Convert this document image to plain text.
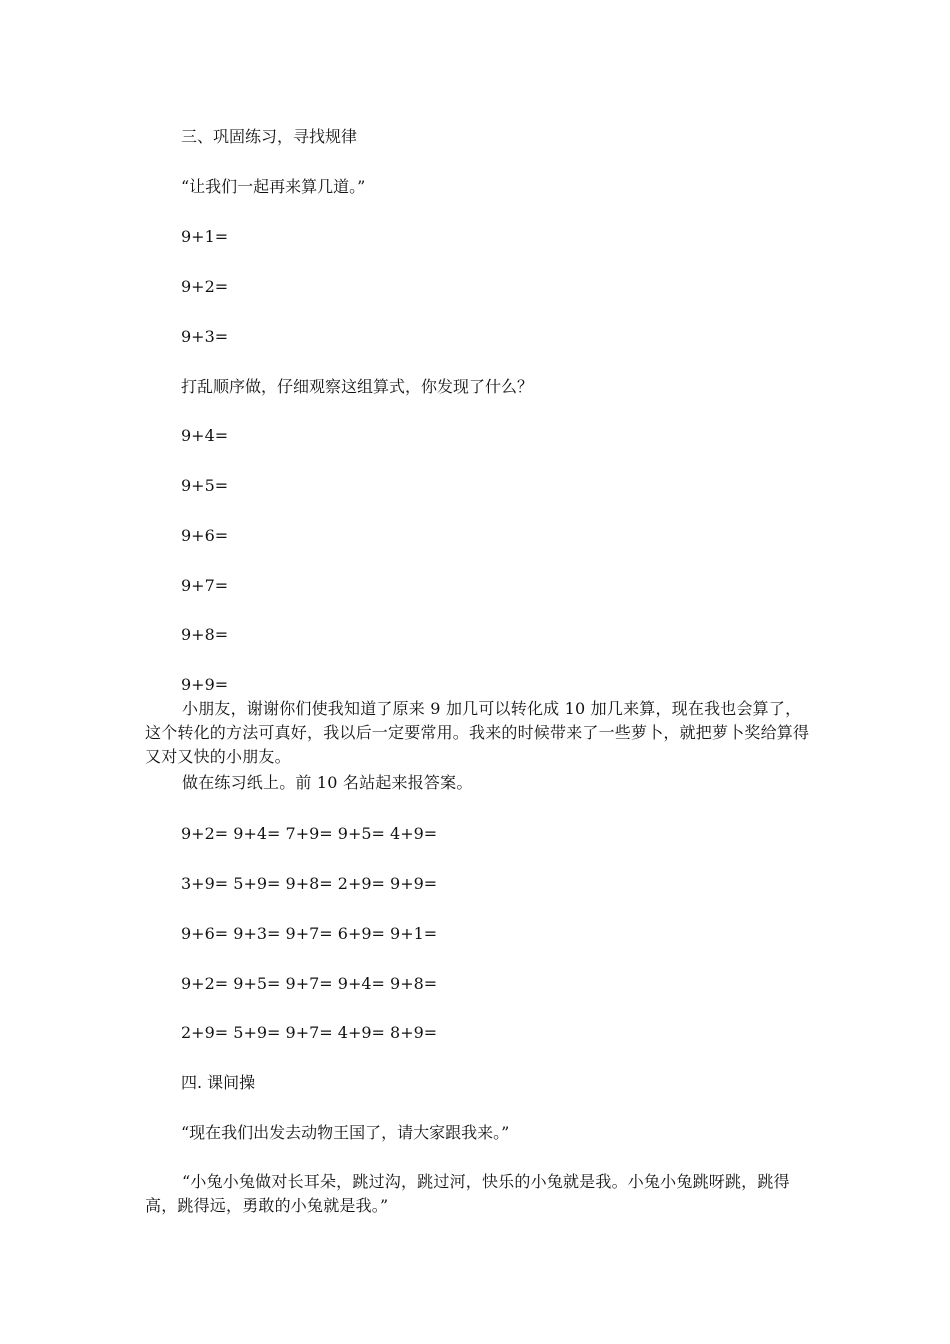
三、巩固练习，寻找规律
“让我们一起再来算几道。”
9+1=
9+2=
9+3=
打乱顺序做，仔细观察这组算式，你发现了什么？
9+4=
9+5=
9+6=
9+7=
9+8=
9+9=
小朋友，谢谢你们使我知道了原来 9 加几可以转化成 10 加几来算，现在我也会算了，这个转化的方法可真好，我以后一定要常用。我来的时候带来了一些萝卜，就把萝卜奖给算得又对又快的小朋友。
做在练习纸上。前 10 名站起来报答案。
9+2= 9+4= 7+9= 9+5= 4+9=
3+9= 5+9= 9+8= 2+9= 9+9=
9+6= 9+3= 9+7= 6+9= 9+1=
9+2= 9+5= 9+7= 9+4= 9+8=
2+9= 5+9= 9+7= 4+9= 8+9=
四. 课间操
“现在我们出发去动物王国了，请大家跟我来。”
“小兔小兔做对长耳朵，跳过沟，跳过河，快乐的小兔就是我。小兔小兔跳呀跳，跳得高，跳得远，勇敢的小兔就是我。”
